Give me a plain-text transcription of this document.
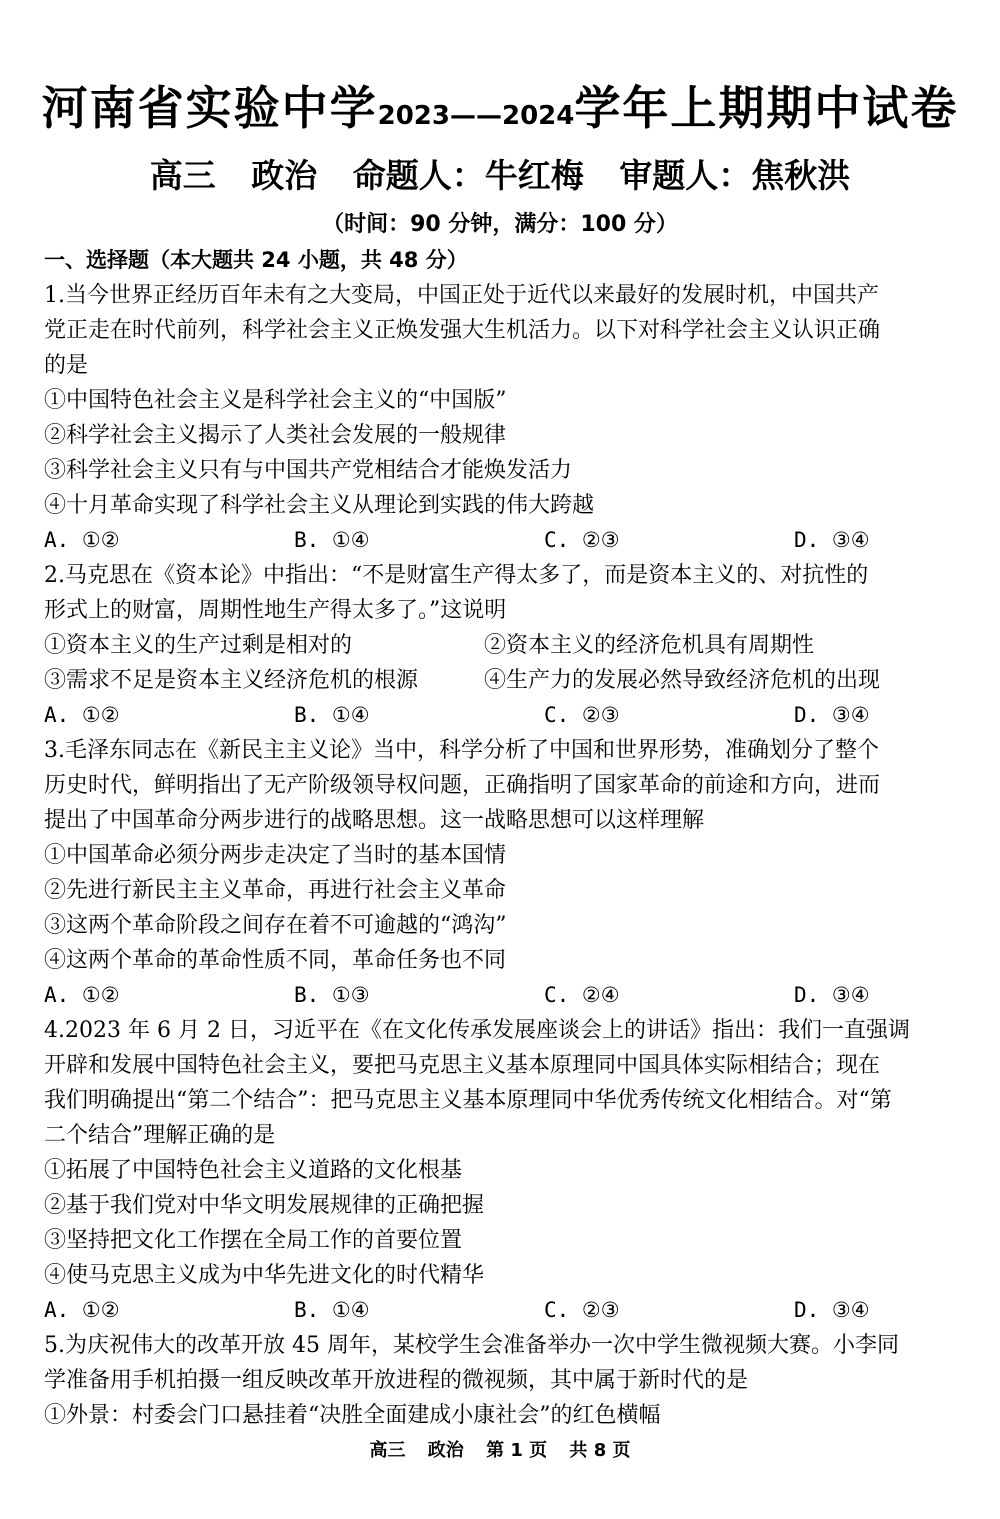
河南省实验中学2023——2024学年上期期中试卷
高三 政治 命题人：牛红梅 审题人：焦秋洪
（时间：90 分钟，满分：100 分）
一、选择题（本大题共 24 小题，共 48 分）
1.当今世界正经历百年未有之大变局，中国正处于近代以来最好的发展时机，中国共产
党正走在时代前列，科学社会主义正焕发强大生机活力。以下对科学社会主义认识正确
的是
①中国特色社会主义是科学社会主义的“中国版”
②科学社会主义揭示了人类社会发展的一般规律
③科学社会主义只有与中国共产党相结合才能焕发活力
④十月革命实现了科学社会主义从理论到实践的伟大跨越
A. ①②	B. ①④	C. ②③	D. ③④
2.马克思在《资本论》中指出：“不是财富生产得太多了，而是资本主义的、对抗性的
形式上的财富，周期性地生产得太多了。”这说明
①资本主义的生产过剩是相对的	②资本主义的经济危机具有周期性
③需求不足是资本主义经济危机的根源	④生产力的发展必然导致经济危机的出现
A. ①②	B. ①④	C. ②③	D. ③④
3.毛泽东同志在《新民主主义论》当中，科学分析了中国和世界形势，准确划分了整个
历史时代，鲜明指出了无产阶级领导权问题，正确指明了国家革命的前途和方向，进而
提出了中国革命分两步进行的战略思想。这一战略思想可以这样理解
①中国革命必须分两步走决定了当时的基本国情
②先进行新民主主义革命，再进行社会主义革命
③这两个革命阶段之间存在着不可逾越的“鸿沟”
④这两个革命的革命性质不同，革命任务也不同
A. ①②	B. ①③	C. ②④	D. ③④
4.2023 年 6 月 2 日，习近平在《在文化传承发展座谈会上的讲话》指出：我们一直强调
开辟和发展中国特色社会主义，要把马克思主义基本原理同中国具体实际相结合；现在
我们明确提出“第二个结合”：把马克思主义基本原理同中华优秀传统文化相结合。对“第
二个结合”理解正确的是
①拓展了中国特色社会主义道路的文化根基
②基于我们党对中华文明发展规律的正确把握
③坚持把文化工作摆在全局工作的首要位置
④使马克思主义成为中华先进文化的时代精华
A. ①②	B. ①④	C. ②③	D. ③④
5.为庆祝伟大的改革开放 45 周年，某校学生会准备举办一次中学生微视频大赛。小李同
学准备用手机拍摄一组反映改革开放进程的微视频，其中属于新时代的是
①外景：村委会门口悬挂着“决胜全面建成小康社会”的红色横幅
高三 政治 第 1 页 共 8 页
